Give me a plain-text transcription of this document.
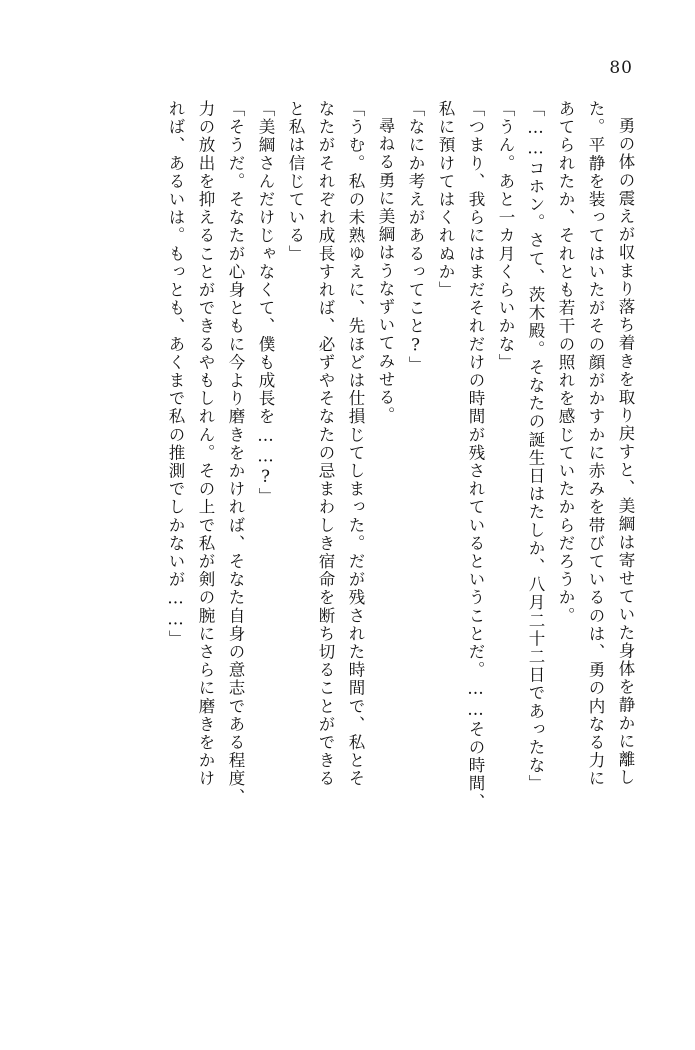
80
勇の体の震えが収まり落ち着きを取り戻すと、美綱は寄せていた身体を静かに離し
た。平静を装ってはいたがその顔がかすかに赤みを帯びているのは、勇の内なる力に
あてられたか、それとも若干の照れを感じていたからだろうか。
「……コホン。さて、茨木殿。そなたの誕生日はたしか、八月二十二日であったな」
「うん。あと一カ月くらいかな」
「つまり、我らにはまだそれだけの時間が残されているということだ。……その時間、
私に預けてはくれぬか」
「なにか考えがあるってこと?」
尋ねる勇に美綱はうなずいてみせる。
「うむ。私の未熟ゆえに、先ほどは仕損じてしまった。だが残された時間で、私とそ
なたがそれぞれ成長すれば、必ずやそなたの忌まわしき宿命を断ち切ることができる
と私は信じている」
「美綱さんだけじゃなくて、僕も成長を……?」
「そうだ。そなたが心身ともに今より磨きをかければ、そなた自身の意志である程度、
力の放出を抑えることができるやもしれん。その上で私が剣の腕にさらに磨きをかけ
れば、あるいは。もっとも、あくまで私の推測でしかないが……」
